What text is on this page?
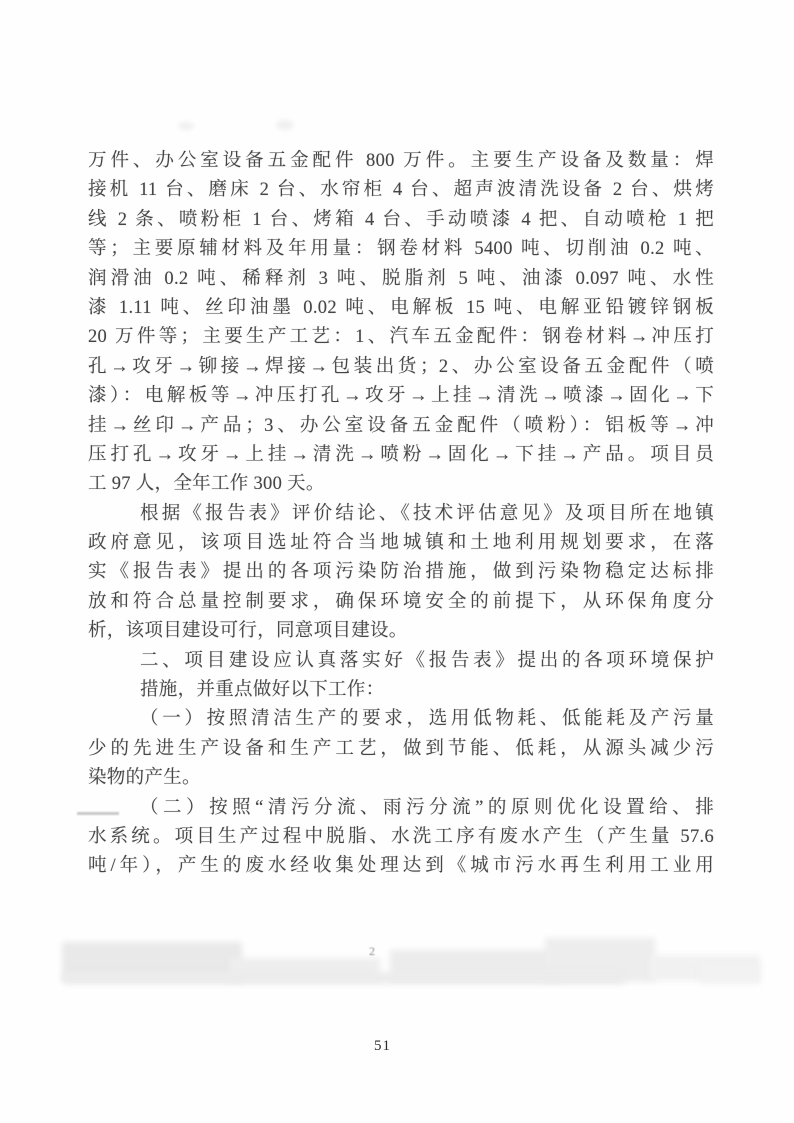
万件、办公室设备五金配件 800 万件。主要生产设备及数量：焊
接机 11 台、磨床 2 台、水帘柜 4 台、超声波清洗设备 2 台、烘烤
线 2 条、喷粉柜 1 台、烤箱 4 台、手动喷漆 4 把、自动喷枪 1 把
等；主要原辅材料及年用量：钢卷材料 5400 吨、切削油 0.2 吨、
润滑油 0.2 吨、稀释剂 3 吨、脱脂剂 5 吨、油漆 0.097 吨、水性
漆 1.11 吨、丝印油墨 0.02 吨、电解板 15 吨、电解亚铅镀锌钢板
20 万件等；主要生产工艺：1、汽车五金配件：钢卷材料→冲压打
孔→攻牙→铆接→焊接→包装出货；2、办公室设备五金配件（喷
漆）：电解板等→冲压打孔→攻牙→上挂→清洗→喷漆→固化→下
挂→丝印→产品；3、办公室设备五金配件（喷粉）：铝板等→冲
压打孔→攻牙→上挂→清洗→喷粉→固化→下挂→产品。项目员
工 97 人，全年工作 300 天。
根据《报告表》评价结论、《技术评估意见》及项目所在地镇
政府意见，该项目选址符合当地城镇和土地利用规划要求，在落
实《报告表》提出的各项污染防治措施，做到污染物稳定达标排
放和符合总量控制要求，确保环境安全的前提下，从环保角度分
析，该项目建设可行，同意项目建设。
二、项目建设应认真落实好《报告表》提出的各项环境保护
措施，并重点做好以下工作：
（一）按照清洁生产的要求，选用低物耗、低能耗及产污量
少的先进生产设备和生产工艺，做到节能、低耗，从源头减少污
染物的产生。
（二）按照“清污分流、雨污分流”的原则优化设置给、排
水系统。项目生产过程中脱脂、水洗工序有废水产生（产生量 57.6
吨/年），产生的废水经收集处理达到《城市污水再生利用工业用
2
51
